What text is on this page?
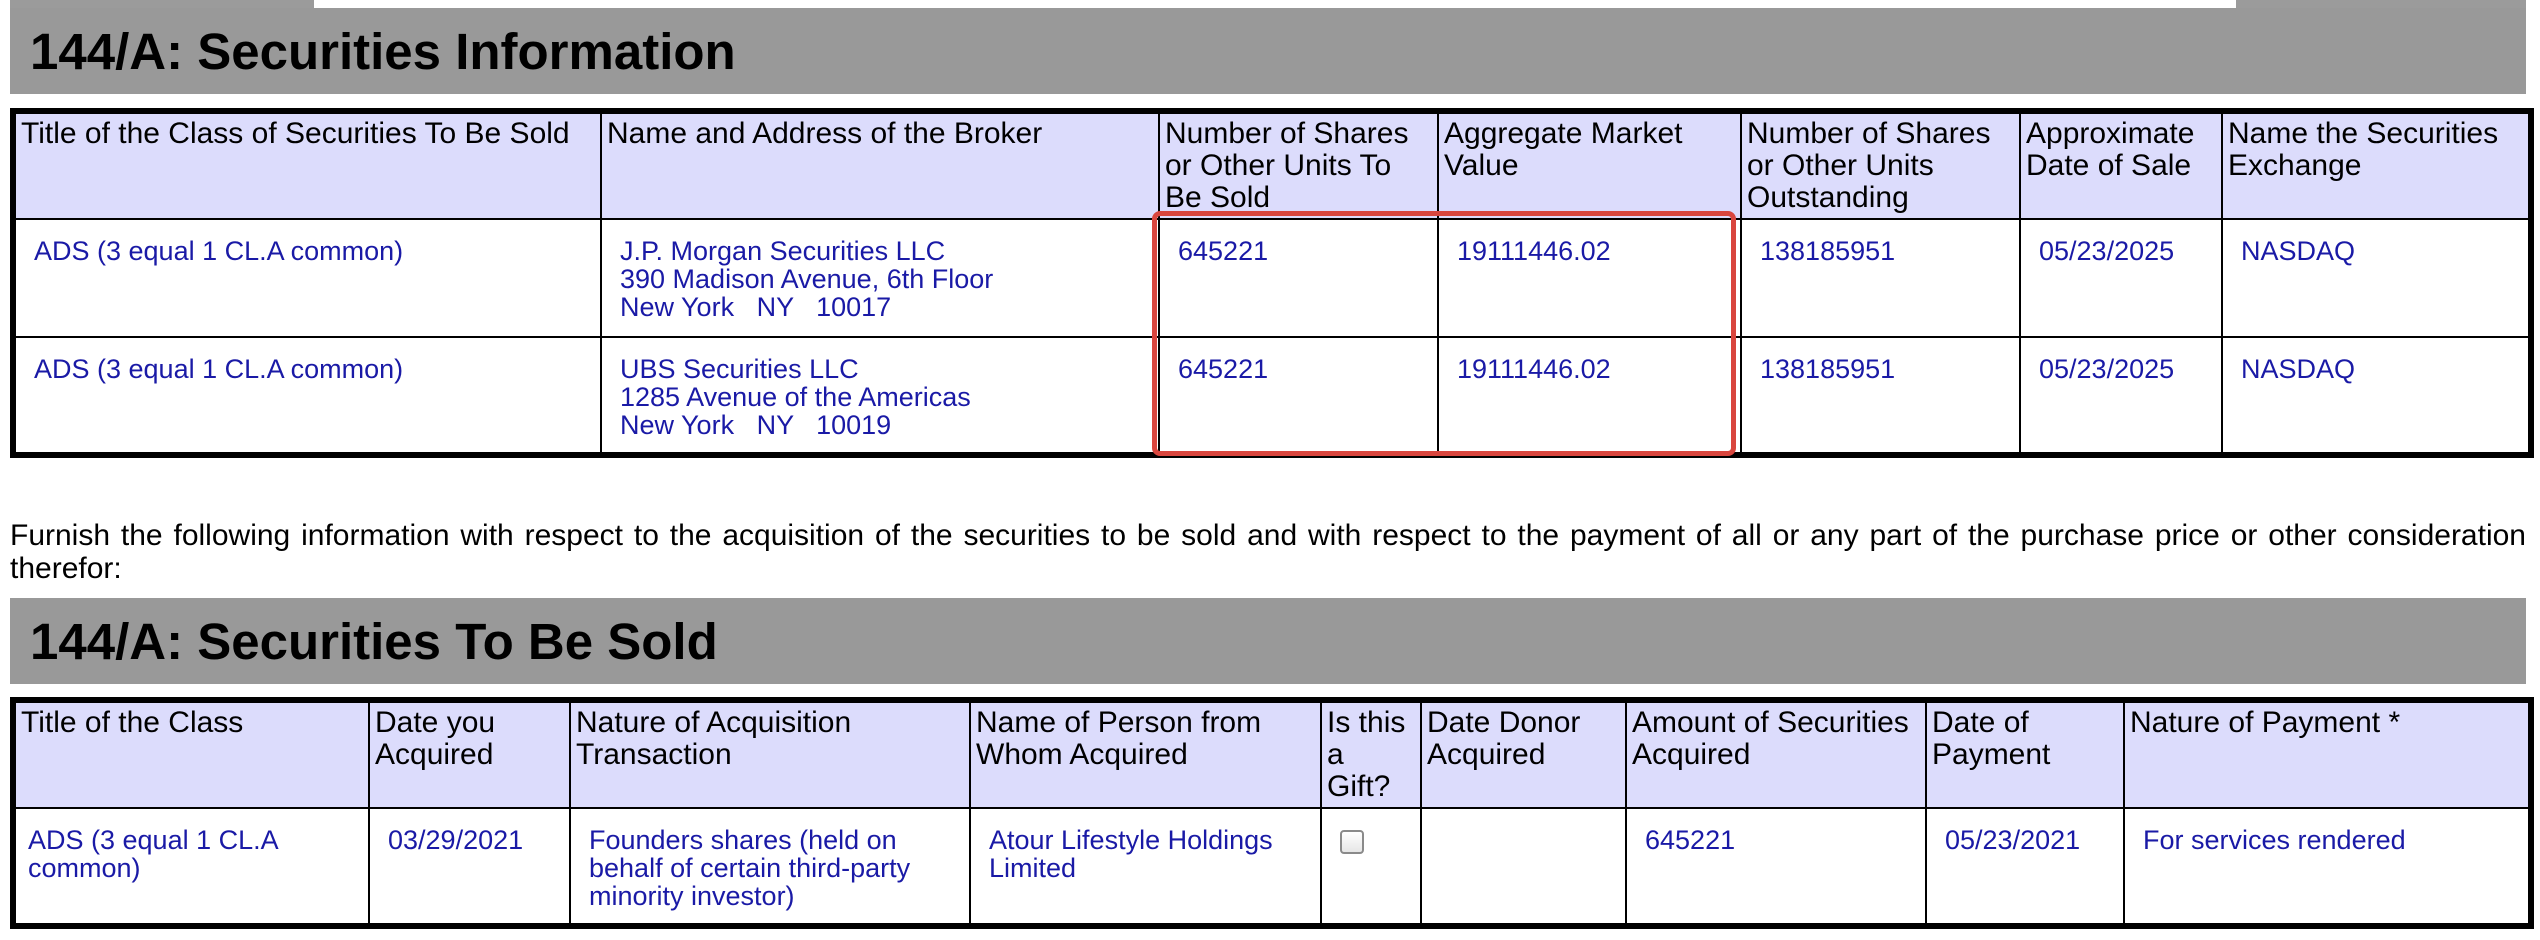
144/A: Securities Information
Title of the Class of Securities To Be Sold	Name and Address of the Broker	Number of Shares or Other Units To Be Sold	Aggregate Market Value	Number of Shares or Other Units Outstanding	Approximate Date of Sale	Name the Securities Exchange
ADS (3 equal 1 CL.A common)	J.P. Morgan Securities LLC
390 Madison Avenue, 6th Floor
New York   NY   10017	645221	19111446.02	138185951	05/23/2025	NASDAQ
ADS (3 equal 1 CL.A common)	UBS Securities LLC
1285 Avenue of the Americas
New York   NY   10019	645221	19111446.02	138185951	05/23/2025	NASDAQ
Furnish the following information with respect to the acquisition of the securities to be sold and with respect to the payment of all or any part of the purchase price or other consideration therefor:
144/A: Securities To Be Sold
Title of the Class	Date you Acquired	Nature of Acquisition Transaction	Name of Person from Whom Acquired	Is this a Gift?	Date Donor Acquired	Amount of Securities Acquired	Date of Payment	Nature of Payment *
ADS (3 equal 1 CL.A common)	03/29/2021	Founders shares (held on behalf of certain third-party minority investor)	Atour Lifestyle Holdings Limited			645221	05/23/2021	For services rendered
